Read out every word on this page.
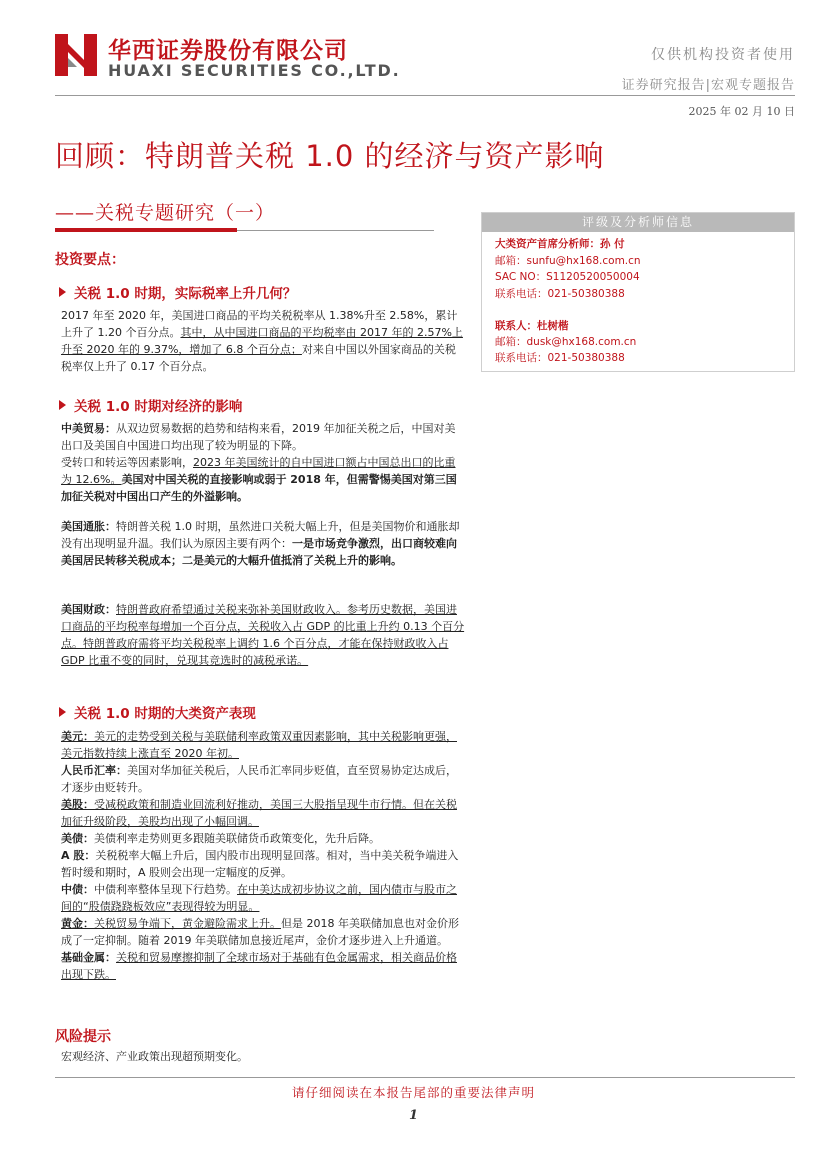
华西证券股份有限公司
HUAXI SECURITIES CO.,LTD.
仅供机构投资者使用
证券研究报告|宏观专题报告
2025 年 02 月 10 日
回顾：特朗普关税 1.0 的经济与资产影响
——关税专题研究（一）	评级及分析师信息
大类资产首席分析师：孙 付
邮箱：sunfu@hx168.com.cn
SAC NO：S1120520050004
联系电话：021-50380388
联系人：杜树楷
邮箱：dusk@hx168.com.cn
联系电话：021-50380388
投资要点：
关税 1.0 时期，实际税率上升几何？
2017 年至 2020 年，美国进口商品的平均关税税率从 1.38%升至 2.58%，累计上升了 1.20 个百分点。其中，从中国进口商品的平均税率由 2017 年的 2.57%上升至 2020 年的 9.37%，增加了 6.8 个百分点；对来自中国以外国家商品的关税税率仅上升了 0.17 个百分点。
关税 1.0 时期对经济的影响
中美贸易：从双边贸易数据的趋势和结构来看，2019 年加征关税之后，中国对美出口及美国自中国进口均出现了较为明显的下降。
受转口和转运等因素影响，2023 年美国统计的自中国进口额占中国总出口的比重为 12.6%。美国对中国关税的直接影响或弱于 2018 年，但需警惕美国对第三国加征关税对中国出口产生的外溢影响。
美国通胀：特朗普关税 1.0 时期，虽然进口关税大幅上升，但是美国物价和通胀却没有出现明显升温。我们认为原因主要有两个：一是市场竞争激烈，出口商较难向美国居民转移关税成本；二是美元的大幅升值抵消了关税上升的影响。
美国财政：特朗普政府希望通过关税来弥补美国财政收入。参考历史数据，美国进口商品的平均税率每增加一个百分点，关税收入占 GDP 的比重上升约 0.13 个百分点。特朗普政府需将平均关税税率上调约 1.6 个百分点，才能在保持财政收入占 GDP 比重不变的同时，兑现其竞选时的减税承诺。
关税 1.0 时期的大类资产表现
美元：美元的走势受到关税与美联储利率政策双重因素影响，其中关税影响更强，美元指数持续上涨直至 2020 年初。
人民币汇率：美国对华加征关税后，人民币汇率同步贬值，直至贸易协定达成后，才逐步由贬转升。
美股：受减税政策和制造业回流利好推动，美国三大股指呈现牛市行情。但在关税加征升级阶段，美股均出现了小幅回调。
美债：美债利率走势则更多跟随美联储货币政策变化，先升后降。
A 股：关税税率大幅上升后，国内股市出现明显回落。相对，当中美关税争端进入暂时缓和期时，A 股则会出现一定幅度的反弹。
中债：中债利率整体呈现下行趋势。在中美达成初步协议之前，国内债市与股市之间的“股债跷跷板效应”表现得较为明显。
黄金：关税贸易争端下，黄金避险需求上升。但是 2018 年美联储加息也对金价形成了一定抑制。随着 2019 年美联储加息接近尾声，金价才逐步进入上升通道。
基础金属：关税和贸易摩擦抑制了全球市场对于基础有色金属需求，相关商品价格出现下跌。
风险提示
宏观经济、产业政策出现超预期变化。
请仔细阅读在本报告尾部的重要法律声明
1
